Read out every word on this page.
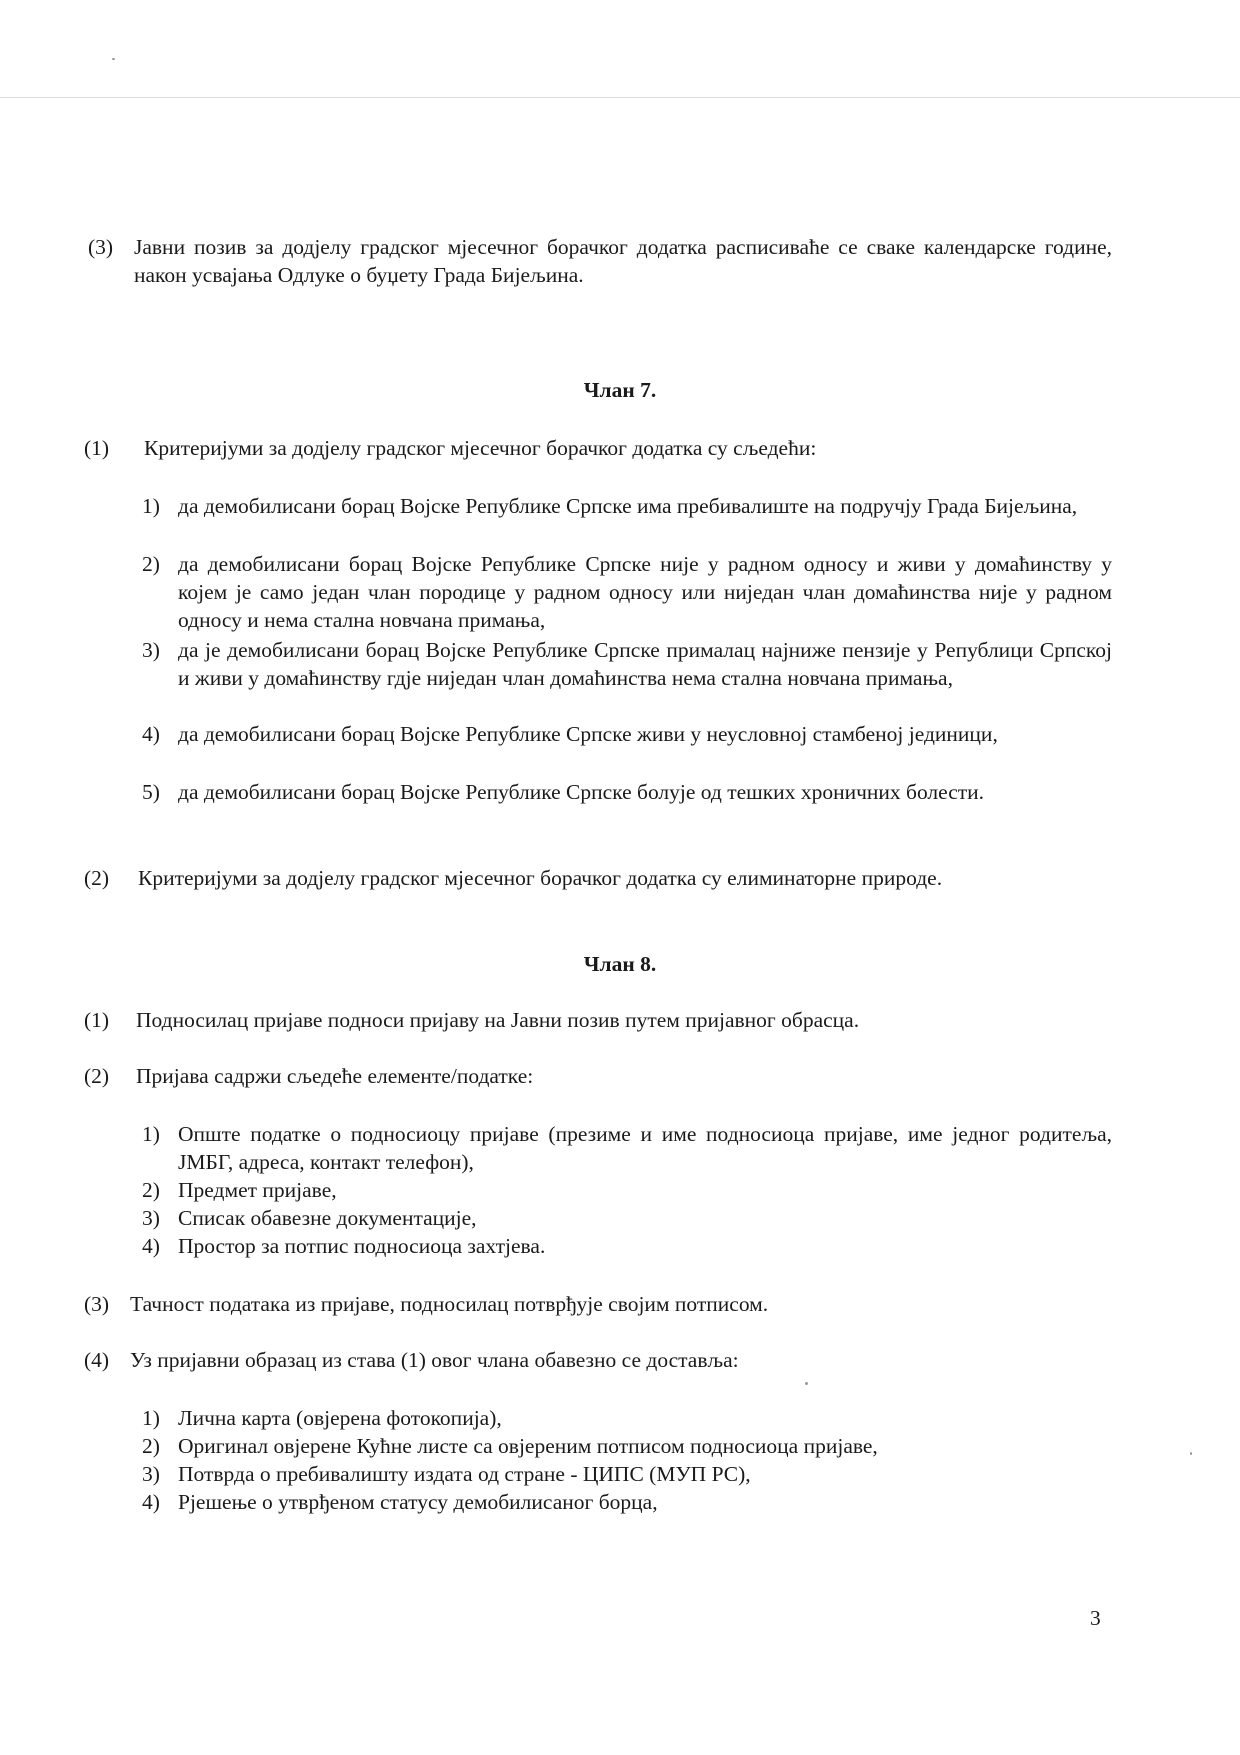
(3) Јавни позив за додјелу градског мјесечног борачког додатка расписиваће се сваке календарске године, након усвајања Одлуке о буџету Града Бијељина.
Члан 7.
(1) Критеријуми за додјелу градског мјесечног борачког додатка су сљедећи:
1) да демобилисани борац Војске Републике Српске има пребивалиште на подручју Града Бијељина,
2) да демобилисани борац Војске Републике Српске није у радном односу и живи у домаћинству у којем је само један члан породице у радном односу или ниједан члан домаћинства није у радном односу и нема стална новчана примања,
3) да је демобилисани борац Војске Републике Српске прималац најниже пензије у Републици Српској и живи у домаћинству гдје ниједан члан домаћинства нема стална новчана примања,
4) да демобилисани борац Војске Републике Српске живи у неусловној стамбеној јединици,
5) да демобилисани борац Војске Републике Српске болује од тешких хроничних болести.
(2) Критеријуми за додјелу градског мјесечног борачког додатка су елиминаторне природе.
Члан 8.
(1) Подносилац пријаве подноси пријаву на Јавни позив путем пријавног обрасца.
(2) Пријава садржи сљедеће елементе/податке:
1) Опште податке о подносиоцу пријаве (презиме и име подносиоца пријаве, име једног родитеља, ЈМБГ, адреса, контакт телефон),
2) Предмет пријаве,
3) Списак обавезне документације,
4) Простор за потпис подносиоца захтјева.
(3) Тачност податакa из пријаве, подносилац потврђује својим потписом.
(4) Уз пријавни образац из става (1) овог члана обавезно се доставља:
1) Лична карта (овјерена фотокопија),
2) Оригинал овјерене Кућне листе са овјереним потписом подносиоца пријаве,
3) Потврда о пребивалишту издата од стране - ЦИПС (МУП РС),
4) Рјешење о утврђеном статусу демобилисаног борца,
3
